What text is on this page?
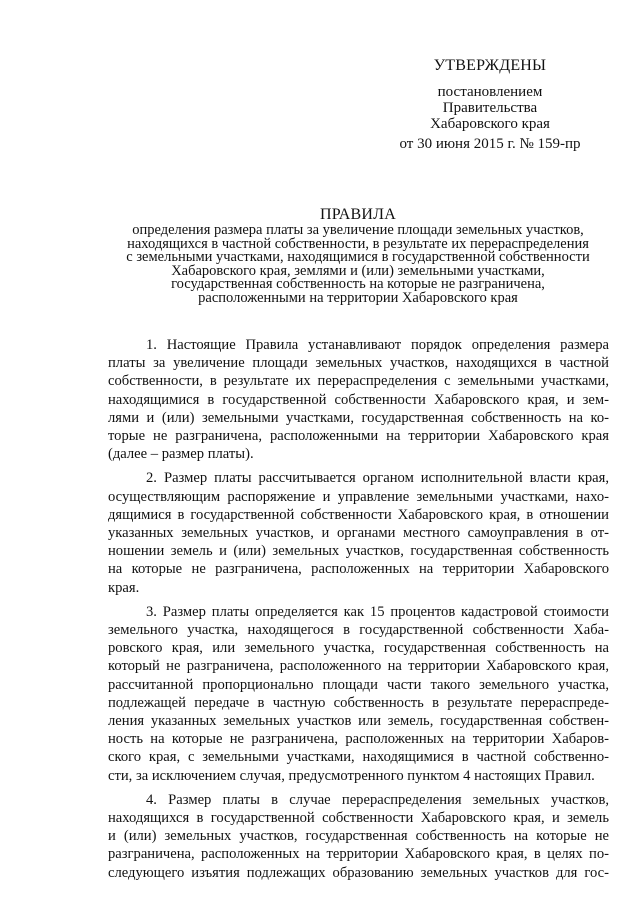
УТВЕРЖДЕНЫ
постановлением
Правительства
Хабаровского края
от 30 июня 2015 г. № 159-пр
ПРАВИЛА
определения размера платы за увеличение площади земельных участков,
находящихся в частной собственности, в результате их перераспределения
с земельными участками, находящимися в государственной собственности
Хабаровского края, землями и (или) земельными участками,
государственная собственность на которые не разграничена,
расположенными на территории Хабаровского края
1. Настоящие Правила устанавливают порядок определения размера
платы за увеличение площади земельных участков, находящихся в частной
собственности, в результате их перераспределения с земельными участками,
находящимися в государственной собственности Хабаровского края, и зем-
лями и (или) земельными участками, государственная собственность на ко-
торые не разграничена, расположенными на территории Хабаровского края
(далее – размер платы).
2. Размер платы рассчитывается органом исполнительной власти края,
осуществляющим распоряжение и управление земельными участками, нахо-
дящимися в государственной собственности Хабаровского края, в отношении
указанных земельных участков, и органами местного самоуправления в от-
ношении земель и (или) земельных участков, государственная собственность
на которые не разграничена, расположенных на территории Хабаровского
края.
3. Размер платы определяется как 15 процентов кадастровой стоимости
земельного участка, находящегося в государственной собственности Хаба-
ровского края, или земельного участка, государственная собственность на
который не разграничена, расположенного на территории Хабаровского края,
рассчитанной пропорционально площади части такого земельного участка,
подлежащей передаче в частную собственность в результате перераспреде-
ления указанных земельных участков или земель, государственная собствен-
ность на которые не разграничена, расположенных на территории Хабаров-
ского края, с земельными участками, находящимися в частной собственно-
сти, за исключением случая, предусмотренного пунктом 4 настоящих Правил.
4. Размер платы в случае перераспределения земельных участков,
находящихся в государственной собственности Хабаровского края, и земель
и (или) земельных участков, государственная собственность на которые не
разграничена, расположенных на территории Хабаровского края, в целях по-
следующего изъятия подлежащих образованию земельных участков для гос-
